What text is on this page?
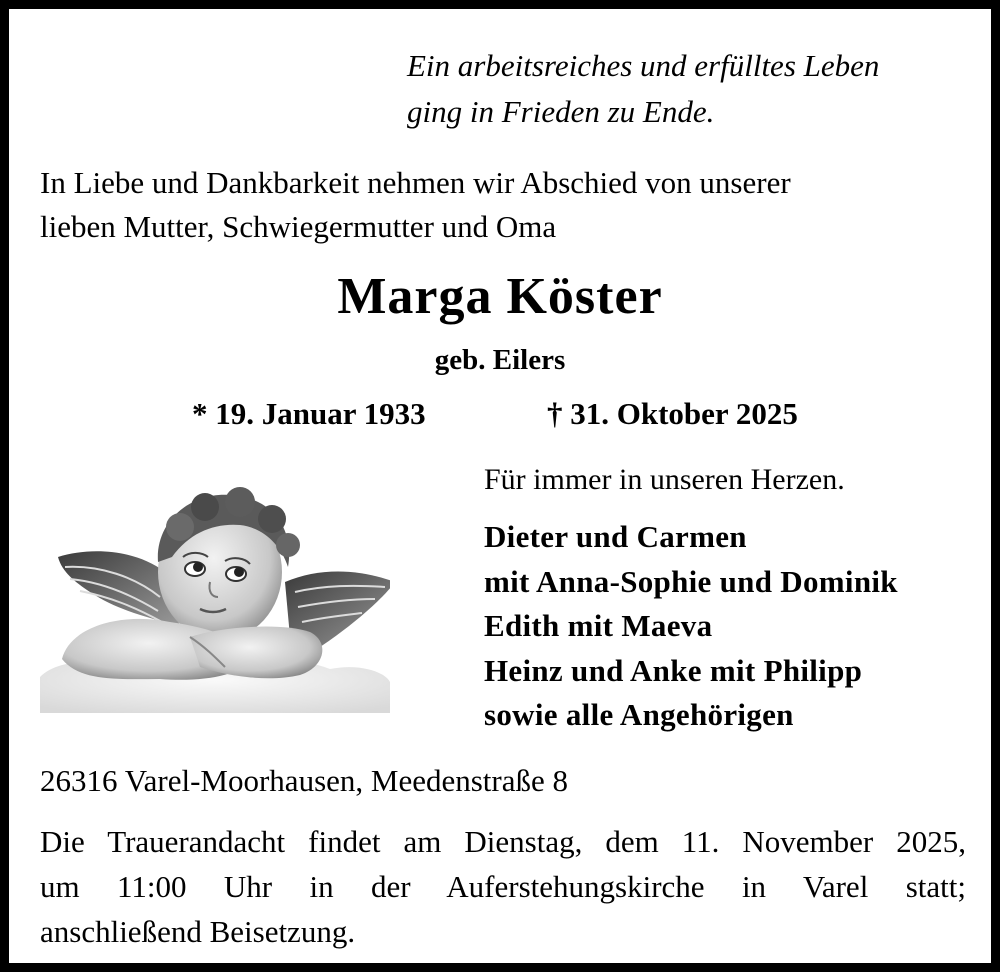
Ein arbeitsreiches und erfülltes Leben
ging in Frieden zu Ende.
In Liebe und Dankbarkeit nehmen wir Abschied von unserer
lieben Mutter, Schwiegermutter und Oma
Marga Köster
geb. Eilers
* 19. Januar 1933	† 31. Oktober 2025
Für immer in unseren Herzen.
Dieter und Carmen
mit Anna-Sophie und Dominik
Edith mit Maeva
Heinz und Anke mit Philipp
sowie alle Angehörigen
26316 Varel-Moorhausen, Meedenstraße 8
Die Trauerandacht findet am Dienstag, dem 11. November 2025,
um 11:00 Uhr in der Auferstehungskirche in Varel statt;
anschließend Beisetzung.
